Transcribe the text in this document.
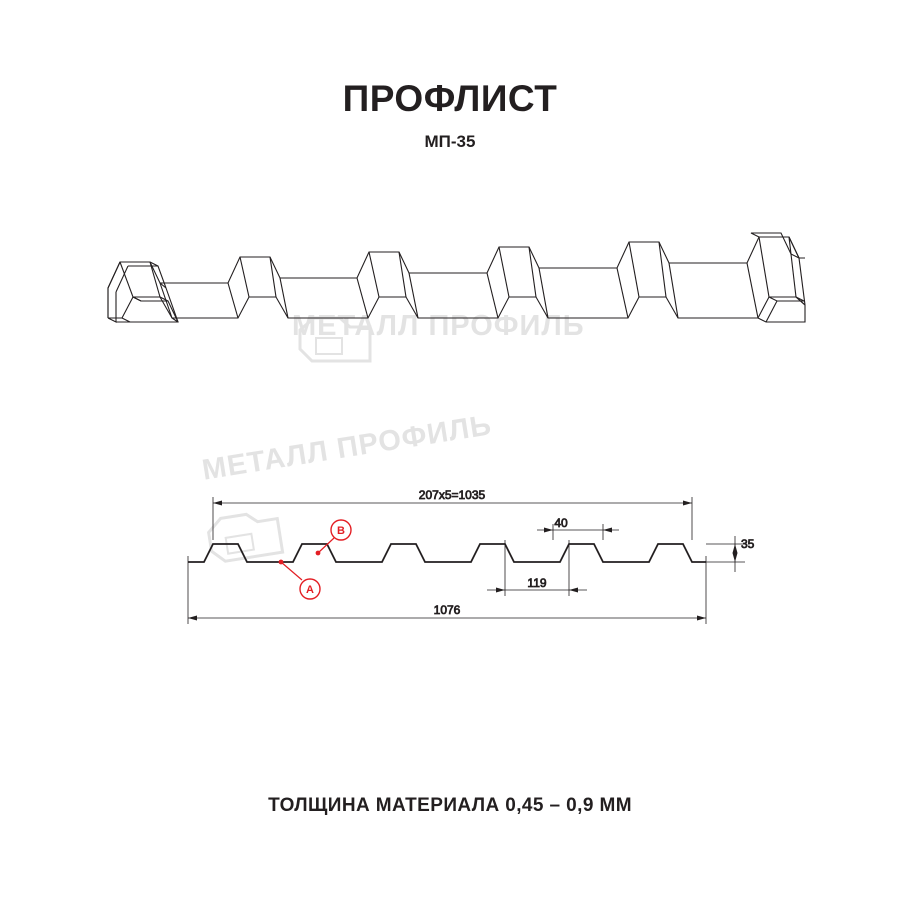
ПРОФЛИСТ
МП-35
МЕТАЛЛ ПРОФИЛЬ
МЕТАЛЛ ПРОФИЛЬ
207x5=1035
40
119
35
1076
A
B
ТОЛЩИНА МАТЕРИАЛА 0,45 – 0,9 ММ
